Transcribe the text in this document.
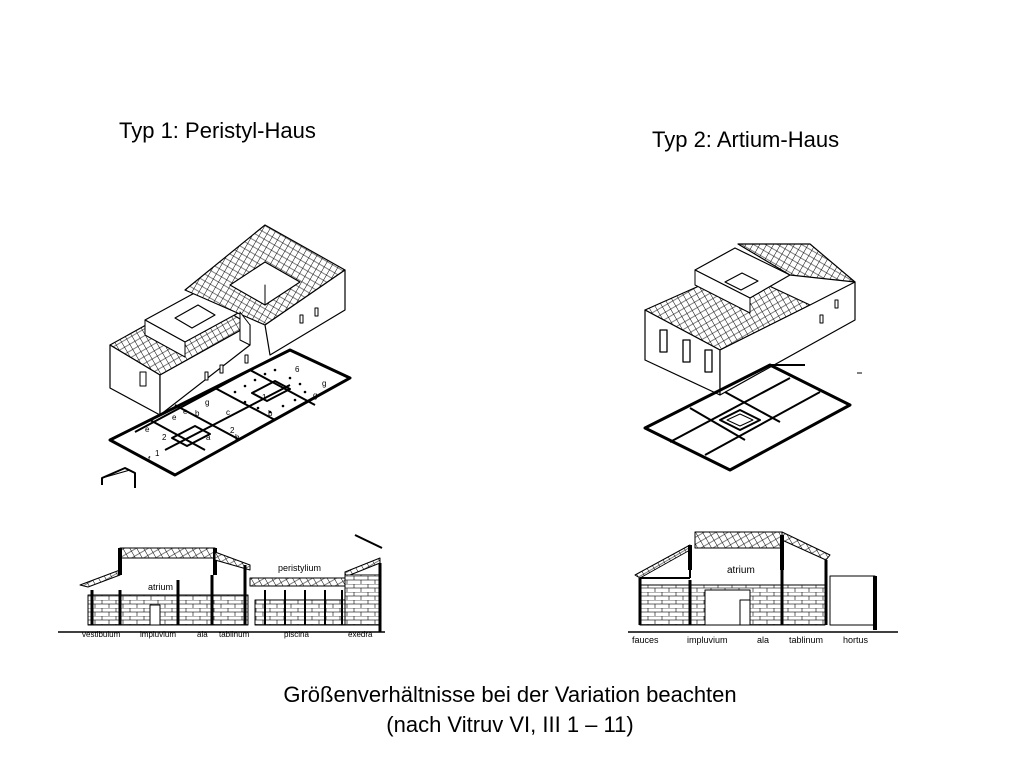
Typ 1: Peristyl-Haus	Typ 2: Artium-Haus
6
g
g
e
e
c
b
2
2
a
1
b
e
1
f
g
b
atrium
peristylium
vestibulum impluvium	ala tablinum	piscina	exedra
atrium
fauces	impluvium	ala tablinum hortus
Größenverhältnisse bei der Variation beachten
(nach Vitruv VI, III 1 – 11)
